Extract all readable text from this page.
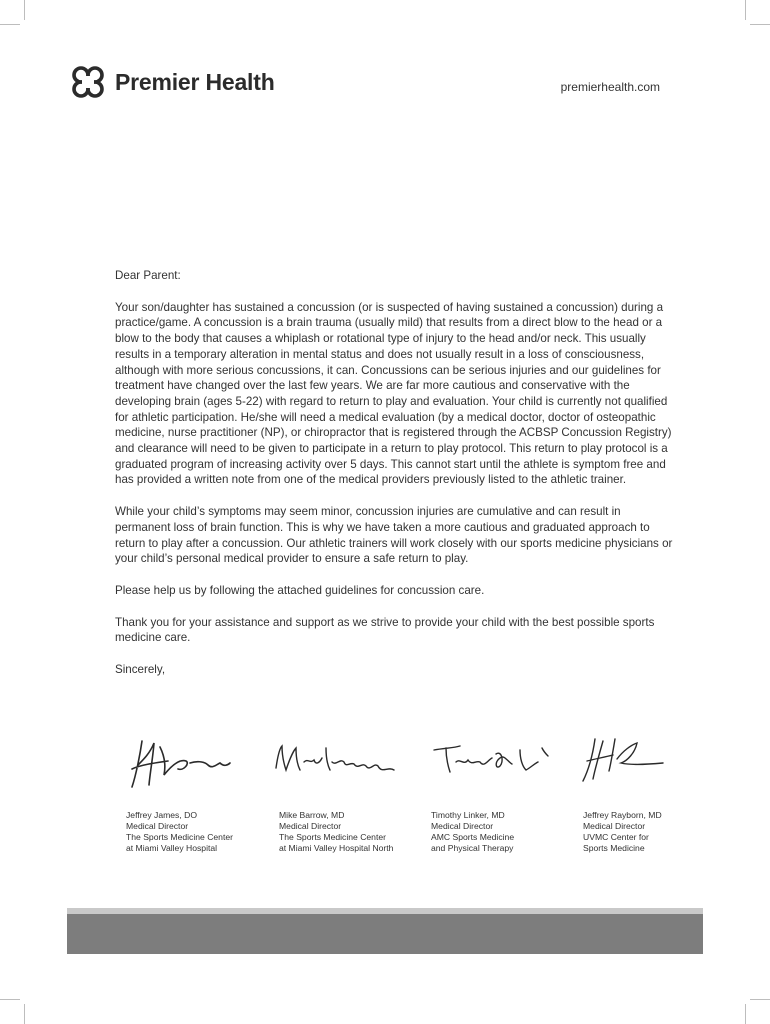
Premier Health	premierhealth.com

Dear Parent:

Your son/daughter has sustained a concussion (or is suspected of having sustained a concussion) during a practice/game. A concussion is a brain trauma (usually mild) that results from a direct blow to the head or a blow to the body that causes a whiplash or rotational type of injury to the head and/or neck. This usually results in a temporary alteration in mental status and does not usually result in a loss of consciousness, although with more serious concussions, it can. Concussions can be serious injuries and our guidelines for treatment have changed over the last few years. We are far more cautious and conservative with the developing brain (ages 5-22) with regard to return to play and evaluation. Your child is currently not qualified for athletic participation. He/she will need a medical evaluation (by a medical doctor, doctor of osteopathic medicine, nurse practitioner (NP), or chiropractor that is registered through the ACBSP Concussion Registry) and clearance will need to be given to participate in a return to play protocol. This return to play protocol is a graduated program of increasing activity over 5 days. This cannot start until the athlete is symptom free and has provided a written note from one of the medical providers previously listed to the athletic trainer.

While your child’s symptoms may seem minor, concussion injuries are cumulative and can result in permanent loss of brain function. This is why we have taken a more cautious and graduated approach to return to play after a concussion. Our athletic trainers will work closely with our sports medicine physicians or your child’s personal medical provider to ensure a safe return to play.

Please help us by following the attached guidelines for concussion care.

Thank you for your assistance and support as we strive to provide your child with the best possible sports medicine care.

Sincerely,

Jeffrey James, DO
Medical Director
The Sports Medicine Center
at Miami Valley Hospital
Mike Barrow, MD
Medical Director
The Sports Medicine Center
at Miami Valley Hospital North
Timothy Linker, MD
Medical Director
AMC Sports Medicine
and Physical Therapy
Jeffrey Rayborn, MD
Medical Director
UVMC Center for
Sports Medicine
